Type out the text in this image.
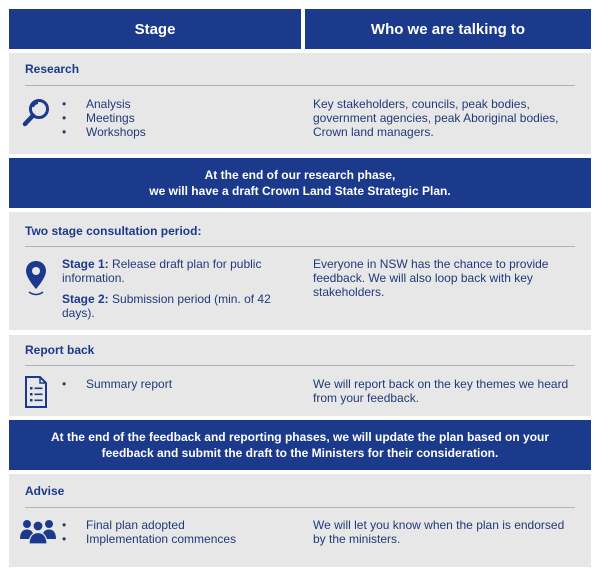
Stage	Who we are talking to
Research
• Analysis
• Meetings
• Workshops
Key stakeholders, councils, peak bodies, government agencies, peak Aboriginal bodies, Crown land managers.
At the end of our research phase,
we will have a draft Crown Land State Strategic Plan.
Two stage consultation period:
Stage 1: Release draft plan for public information.
Stage 2: Submission period (min. of 42 days).
Everyone in NSW has the chance to provide feedback. We will also loop back with key stakeholders.
Report back
• Summary report	We will report back on the key themes we heard from your feedback.
At the end of the feedback and reporting phases, we will update the plan based on your
feedback and submit the draft to the Ministers for their consideration.
Advise
• Final plan adopted
• Implementation commences
We will let you know when the plan is endorsed by the ministers.
